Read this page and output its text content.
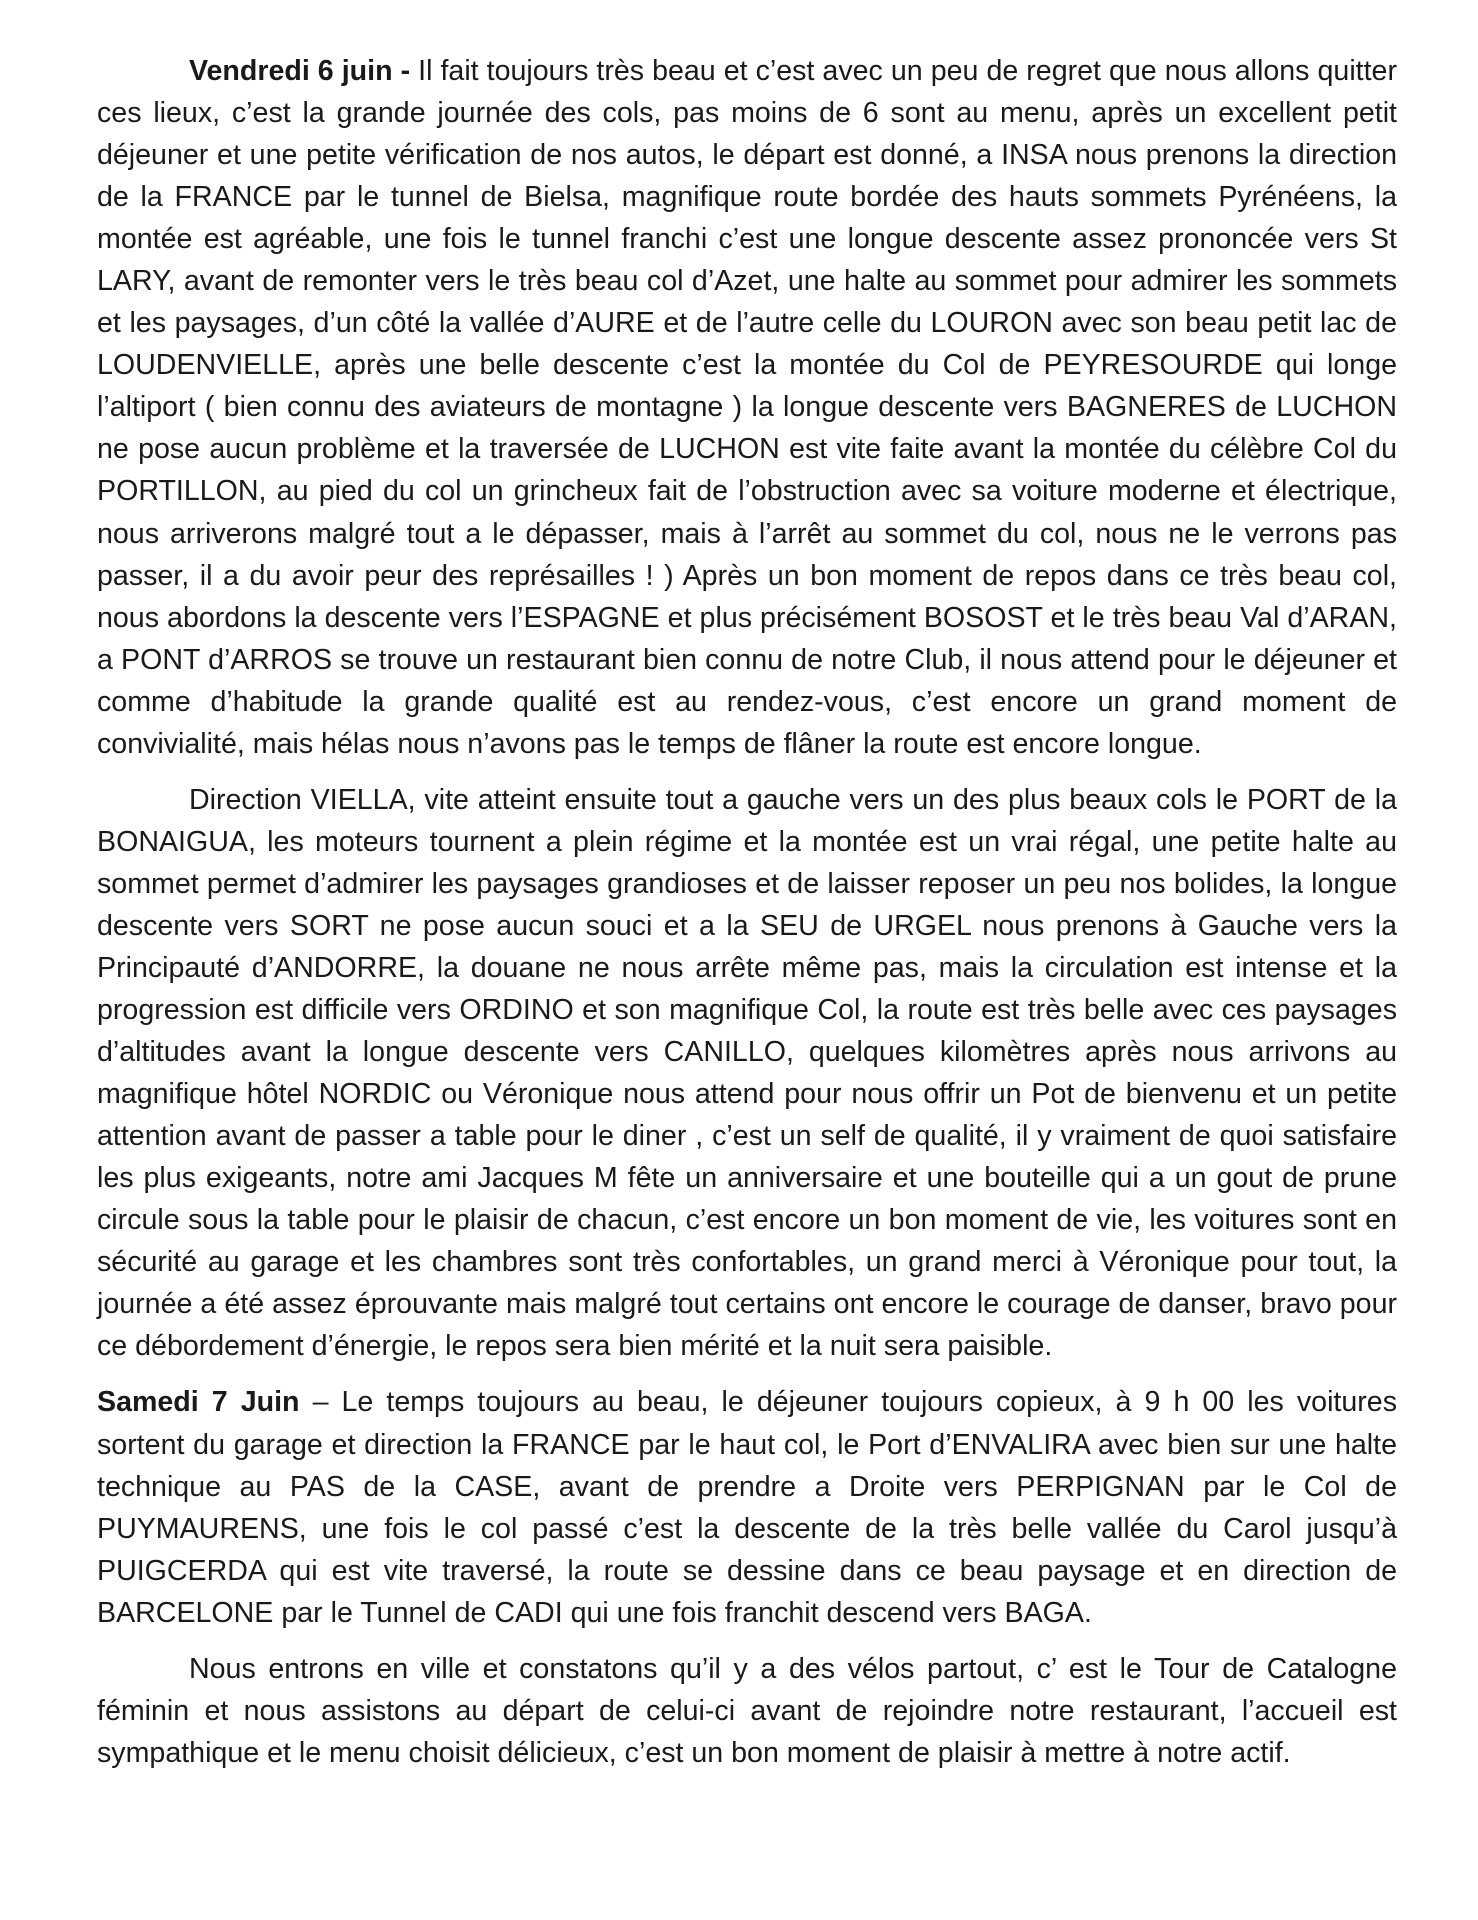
Vendredi 6 juin - Il fait toujours très beau et c’est avec un peu de regret que nous allons quitter ces lieux, c’est la grande journée des cols, pas moins de 6 sont au menu, après un excellent petit déjeuner et une petite vérification de nos autos, le départ est donné, a INSA nous prenons la direction de la FRANCE par le tunnel de Bielsa, magnifique route bordée des hauts sommets Pyrénéens, la montée est agréable, une fois le tunnel franchi c’est une longue descente assez prononcée vers St LARY, avant de remonter vers le très beau col d’Azet, une halte au sommet pour admirer les sommets et les paysages, d’un côté la vallée d’AURE et de l’autre celle du LOURON avec son beau petit lac de LOUDENVIELLE, après une belle descente c’est la montée du Col de PEYRESOURDE qui longe l’altiport ( bien connu des aviateurs de montagne ) la longue descente vers BAGNERES de LUCHON ne pose aucun problème et la traversée de LUCHON est vite faite avant la montée du célèbre Col du PORTILLON, au pied du col un grincheux fait de l’obstruction avec sa voiture moderne et électrique, nous arriverons malgré tout a le dépasser, mais à l’arrêt au sommet du col, nous ne le verrons pas passer, il a du avoir peur des représailles ! ) Après un bon moment de repos dans ce très beau col, nous abordons la descente vers l’ESPAGNE et plus précisément BOSOST et le très beau Val d’ARAN, a PONT d’ARROS se trouve un restaurant bien connu de notre Club, il nous attend pour le déjeuner et comme d’habitude la grande qualité est au rendez-vous, c’est encore un grand moment de convivialité, mais hélas nous n’avons pas le temps de flâner la route est encore longue.

Direction VIELLA, vite atteint ensuite tout a gauche vers un des plus beaux cols le PORT de la BONAIGUA, les moteurs tournent a plein régime et la montée est un vrai régal, une petite halte au sommet permet d’admirer les paysages grandioses et de laisser reposer un peu nos bolides, la longue descente vers SORT ne pose aucun souci et a la SEU de URGEL nous prenons à Gauche vers la Principauté d’ANDORRE, la douane ne nous arrête même pas, mais la circulation est intense et la progression est difficile vers ORDINO et son magnifique Col, la route est très belle avec ces paysages d’altitudes avant la longue descente vers CANILLO, quelques kilomètres après nous arrivons au magnifique hôtel NORDIC ou Véronique nous attend pour nous offrir un Pot de bienvenu et un petite attention avant de passer a table pour le diner , c’est un self de qualité, il y vraiment de quoi satisfaire les plus exigeants, notre ami Jacques M fête un anniversaire et une bouteille qui a un gout de prune circule sous la table pour le plaisir de chacun, c’est encore un bon moment de vie, les voitures sont en sécurité au garage et les chambres sont très confortables, un grand merci à Véronique pour tout, la journée a été assez éprouvante mais malgré tout certains ont encore le courage de danser, bravo pour ce débordement d’énergie, le repos sera bien mérité et la nuit sera paisible.

Samedi 7 Juin – Le temps toujours au beau, le déjeuner toujours copieux, à 9 h 00 les voitures sortent du garage et direction la FRANCE par le haut col, le Port d’ENVALIRA avec bien sur une halte technique au PAS de la CASE, avant de prendre a Droite vers PERPIGNAN par le Col de PUYMAURENS, une fois le col passé c’est la descente de la très belle vallée du Carol jusqu’à PUIGCERDA qui est vite traversé, la route se dessine dans ce beau paysage et en direction de BARCELONE par le Tunnel de CADI qui une fois franchit descend vers BAGA.

Nous entrons en ville et constatons qu’il y a des vélos partout, c’ est le Tour de Catalogne féminin et nous assistons au départ de celui-ci avant de rejoindre notre restaurant, l’accueil est sympathique et le menu choisit délicieux, c’est un bon moment de plaisir à mettre à notre actif.
